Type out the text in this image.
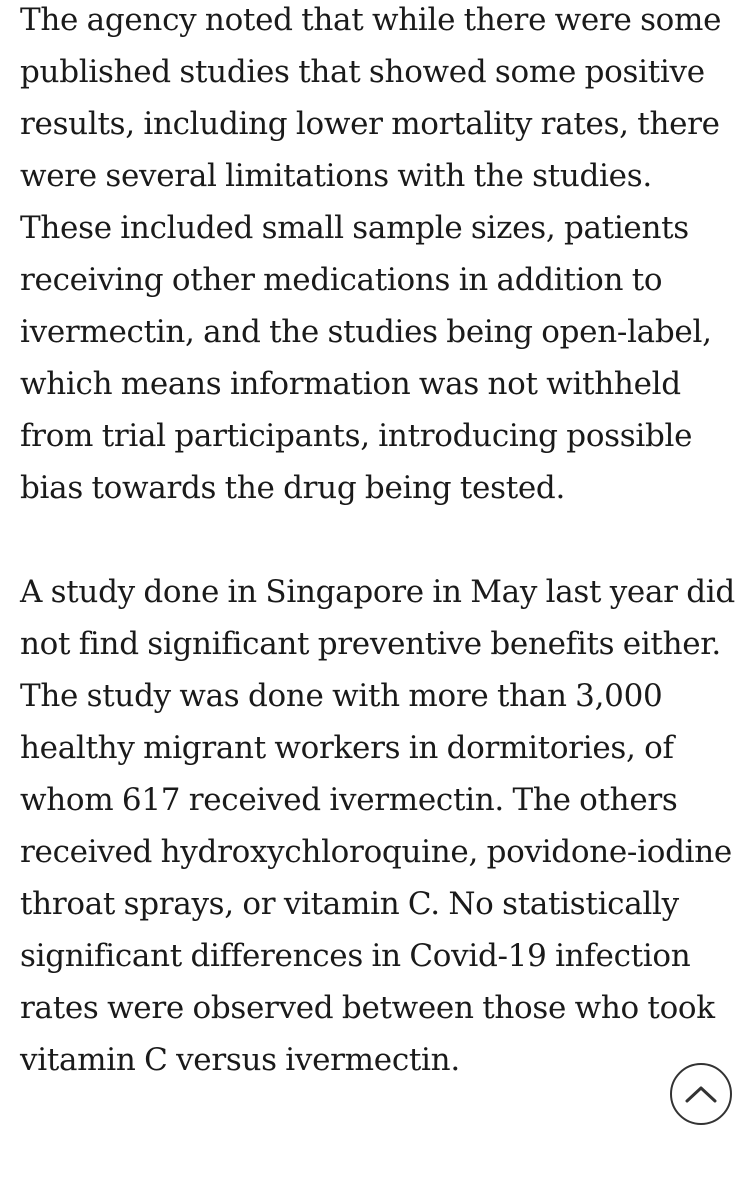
The agency noted that while there were some published studies that showed some positive results, including lower mortality rates, there were several limitations with the studies. These included small sample sizes, patients receiving other medications in addition to ivermectin, and the studies being open-label, which means information was not withheld from trial participants, introducing possible bias towards the drug being tested.

A study done in Singapore in May last year did not find significant preventive benefits either. The study was done with more than 3,000 healthy migrant workers in dormitories, of whom 617 received ivermectin. The others received hydroxychloroquine, povidone-iodine throat sprays, or vitamin C. No statistically significant differences in Covid-19 infection rates were observed between those who took vitamin C versus ivermectin.
